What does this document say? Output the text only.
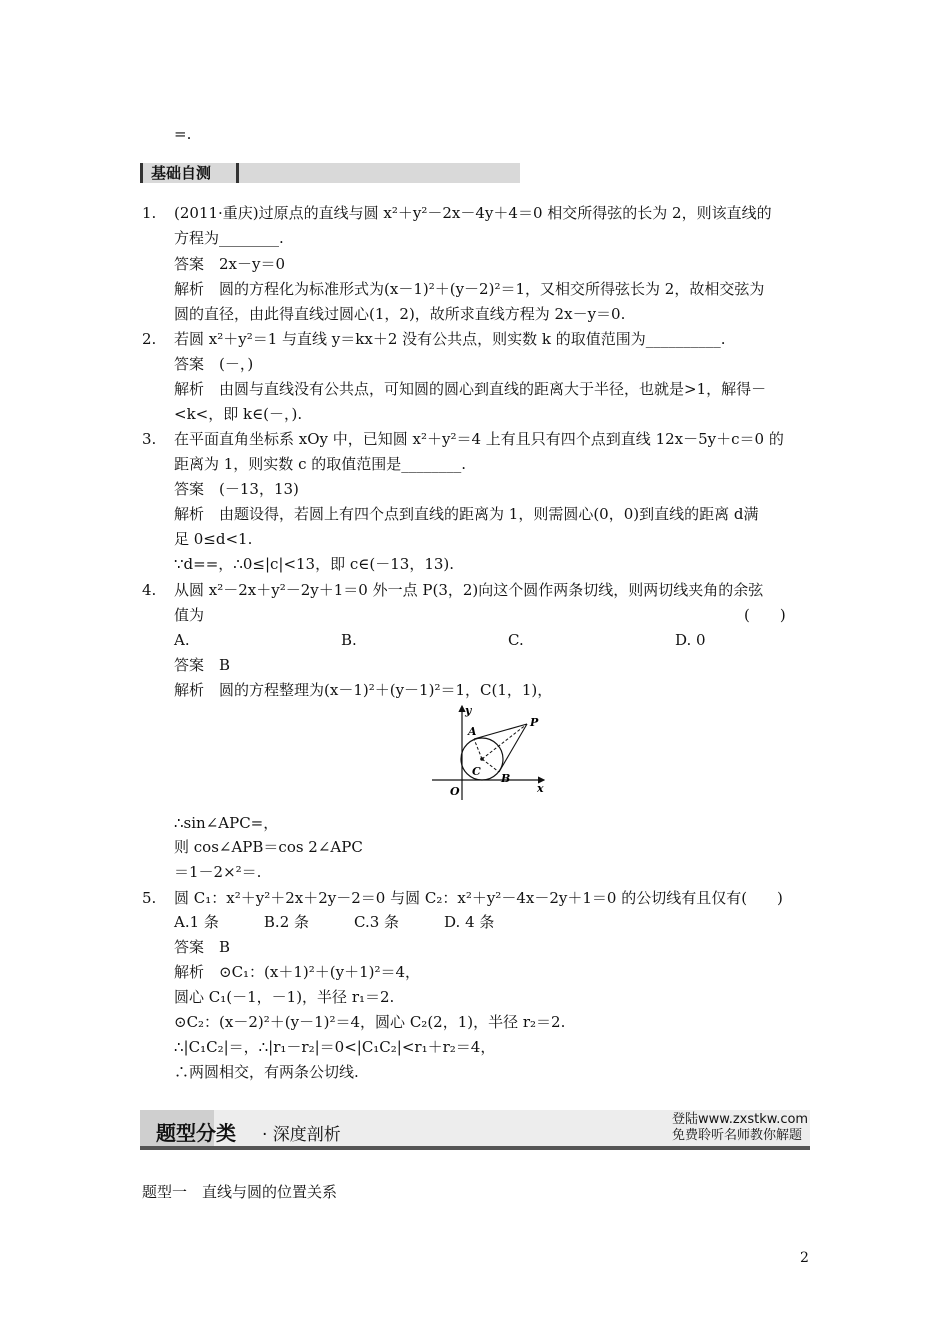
=.
基础自测
1. (2011·重庆)过原点的直线与圆 x²＋y²－2x－4y＋4＝0 相交所得弦的长为 2，则该直线的
方程为________.
答案　2x－y＝0
解析　圆的方程化为标准形式为(x－1)²＋(y－2)²＝1，又相交所得弦长为 2，故相交弦为
圆的直径，由此得直线过圆心(1，2)，故所求直线方程为 2x－y＝0.
2. 若圆 x²＋y²＝1 与直线 y＝kx＋2 没有公共点，则实数 k 的取值范围为__________.
答案　(－，)
解析　由圆与直线没有公共点，可知圆的圆心到直线的距离大于半径，也就是>1，解得－
<k<，即 k∈(－，).
3. 在平面直角坐标系 xOy 中，已知圆 x²＋y²＝4 上有且只有四个点到直线 12x－5y＋c＝0 的
距离为 1，则实数 c 的取值范围是________.
答案　(－13，13)
解析　由题设得，若圆上有四个点到直线的距离为 1，则需圆心(0，0)到直线的距离 d满
足 0≤d<1.
∵d==，∴0≤|c|<13，即 c∈(－13，13).
4. 从圆 x²－2x＋y²－2y＋1＝0 外一点 P(3，2)向这个圆作两条切线，则两切线夹角的余弦
值为	(　　)
A.	B.	C.	D. 0
答案　B
解析　圆的方程整理为(x－1)²＋(y－1)²＝1，C(1，1)，
y
x
O
A
B
C
P
∴sin∠APC=，
则 cos∠APB＝cos 2∠APC
＝1－2×²＝.
5. 圆 C₁：x²＋y²＋2x＋2y－2＝0 与圆 C₂：x²＋y²－4x－2y＋1＝0 的公切线有且仅有(　　)
A.1 条　　　B.2 条　　　C.3 条　　　D. 4 条
答案　B
解析　⊙C₁：(x＋1)²＋(y＋1)²＝4，
圆心 C₁(－1，－1)，半径 r₁＝2.
⊙C₂：(x－2)²＋(y－1)²＝4，圆心 C₂(2，1)，半径 r₂＝2.
∴|C₁C₂|＝，∴|r₁－r₂|＝0<|C₁C₂|<r₁＋r₂＝4，
∴两圆相交，有两条公切线.
题型分类 · 深度剖析
登陆www.zxstkw.com
免费聆听名师教你解题
题型一　直线与圆的位置关系
2
